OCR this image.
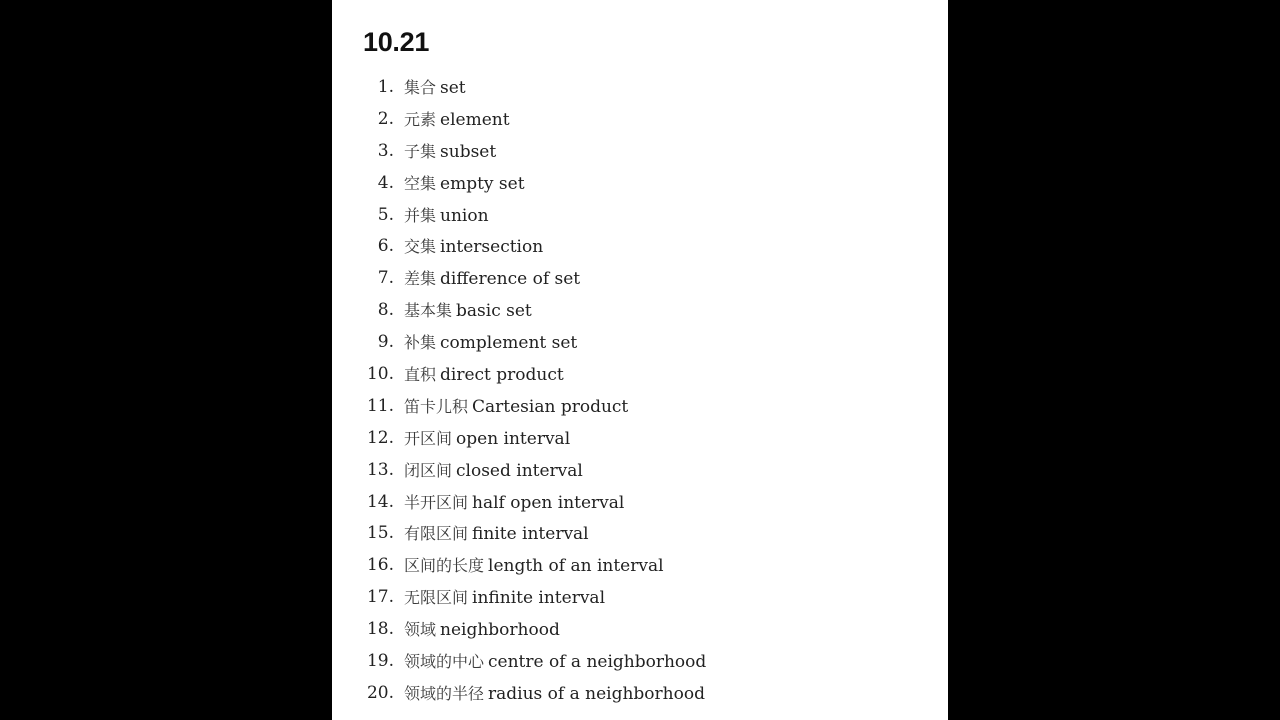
10.21
1. 集合 set
2. 元素 element
3. 子集 subset
4. 空集 empty set
5. 并集 union
6. 交集 intersection
7. 差集 difference of set
8. 基本集 basic set
9. 补集 complement set
10. 直积 direct product
11. 笛卡儿积 Cartesian product
12. 开区间 open interval
13. 闭区间 closed interval
14. 半开区间 half open interval
15. 有限区间 finite interval
16. 区间的长度 length of an interval
17. 无限区间 infinite interval
18. 领域 neighborhood
19. 领域的中心 centre of a neighborhood
20. 领域的半径 radius of a neighborhood
